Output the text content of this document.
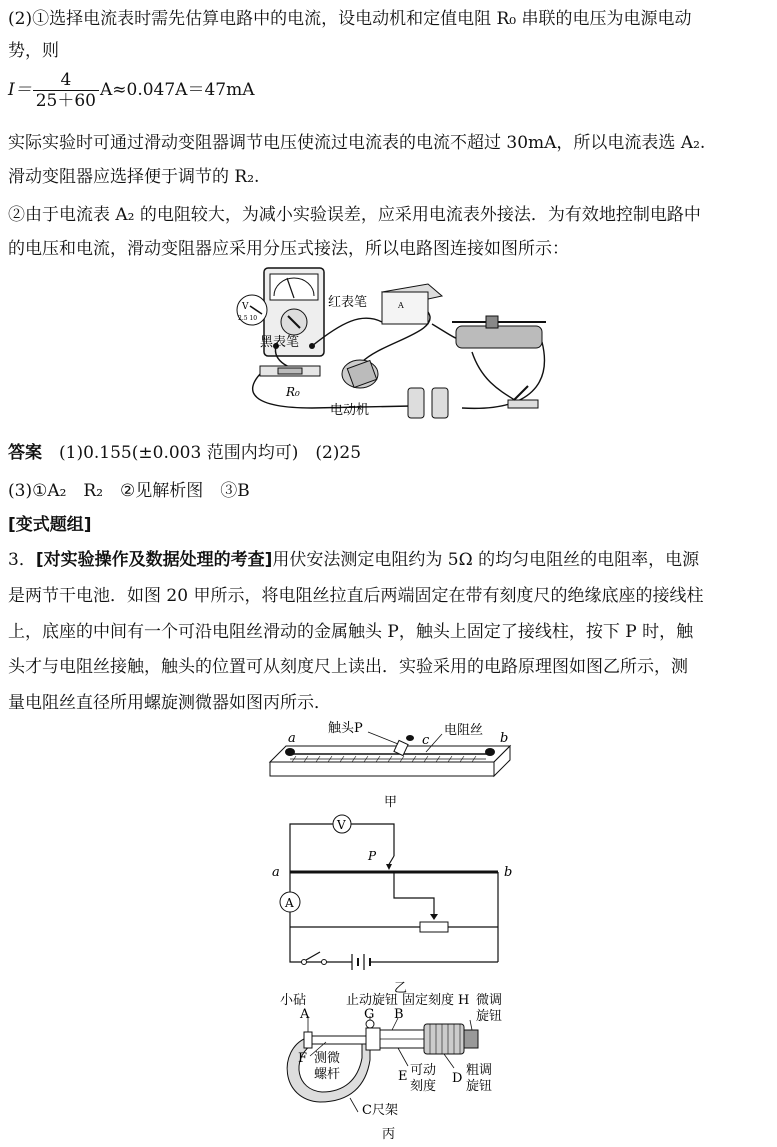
(2)①选择电流表时需先估算电路中的电流，设电动机和定值电阻 R₀ 串联的电压为电源电动
势，则
$I= \frac{4}{25+60} A\approx 0.047A=47mA$
实际实验时可通过滑动变阻器调节电压使流过电流表的电流不超过 30mA，所以电流表选 A₂.
滑动变阻器应选择便于调节的 R₂.
②由于电流表 A₂ 的电阻较大，为减小实验误差，应采用电流表外接法．为有效地控制电路中
的电压和电流，滑动变阻器应采用分压式接法，所以电路图连接如图所示：
V
2.5 10
A
红表笔
黑表笔
R₀
电动机
答案　 (1)0.155(±0.003 范围内均可)　(2)25
(3)①A₂　R₂　②见解析图　③B
[变式题组]
3．[对实验操作及数据处理的考查]用伏安法测定电阻约为 5Ω 的均匀电阻丝的电阻率，电源
是两节干电池．如图 20 甲所示，将电阻丝拉直后两端固定在带有刻度尺的绝缘底座的接线柱
上，底座的中间有一个可沿电阻丝滑动的金属触头 P，触头上固定了接线柱，按下 P 时，触
头才与电阻丝接触，触头的位置可从刻度尺上读出．实验采用的电路原理图如图乙所示，测
量电阻丝直径所用螺旋测微器如图丙所示．
触头P	电阻丝
a	b
c
甲
V
P
a	b
A
乙
小砧
A
止动旋钮
G
固定刻度
B
H 微调
旋钮
F 测微
螺杆	E 可动
刻度
D
粗调
旋钮
C尺架
丙
